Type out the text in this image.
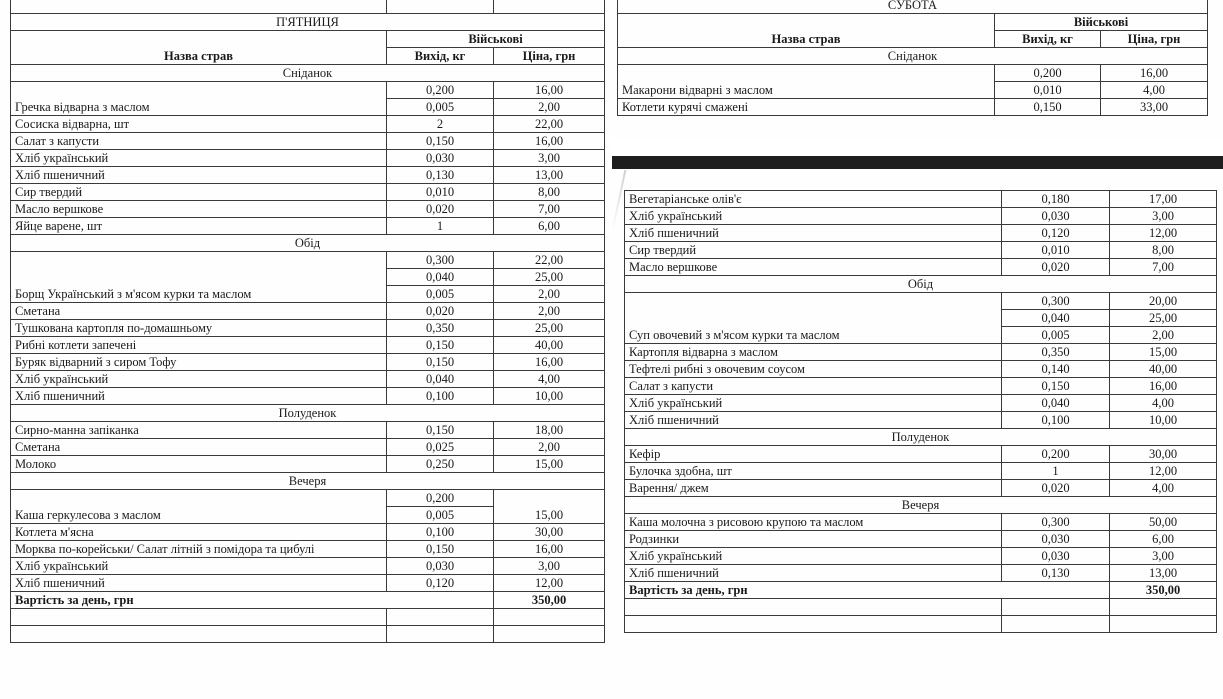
П'ЯТНИЦЯ		
Назва страв	Військові	
	Вихід, кг	Ціна, грн
Сніданок		
Гречка відварна з маслом	0,200	16,00
	0,005	2,00
Сосиска відварна, шт	2	22,00
Салат з капусти	0,150	16,00
Хліб український	0,030	3,00
Хліб пшеничний	0,130	13,00
Сир твердий	0,010	8,00
Масло вершкове	0,020	7,00
Яйце варене, шт	1	6,00
Обід		
Борщ Український з м'ясом курки та маслом	0,300	22,00
	0,040	25,00
	0,005	2,00
Сметана	0,020	2,00
Тушкована картопля по-домашньому	0,350	25,00
Рибні котлети запечені	0,150	40,00
Буряк відварний з сиром Тофу	0,150	16,00
Хліб український	0,040	4,00
Хліб пшеничний	0,100	10,00
Полуденок		
Сирно-манна запіканка	0,150	18,00
Сметана	0,025	2,00
Молоко	0,250	15,00
Вечеря		
Каша геркулесова з маслом	0,200	15,00
	0,005	
Котлета м'ясна	0,100	30,00
Морква по-корейськи/ Салат літній з помідора та цибулі	0,150	16,00
Хліб український	0,030	3,00
Хліб пшеничний	0,120	12,00
Вартість за день, грн		350,00

СУБОТА		
Назва страв	Військові	
	Вихід, кг	Ціна, грн
Сніданок		
Макарони відварні з маслом	0,200	16,00
	0,010	4,00
Котлети курячі смажені	0,150	33,00
Вегетаріанське олів'є	0,180	17,00
Хліб український	0,030	3,00
Хліб пшеничний	0,120	12,00
Сир твердий	0,010	8,00
Масло вершкове	0,020	7,00
Обід		
Суп овочевий з м'ясом курки та маслом	0,300	20,00
	0,040	25,00
	0,005	2,00
Картопля відварна з маслом	0,350	15,00
Тефтелі рибні з овочевим соусом	0,140	40,00
Салат з капусти	0,150	16,00
Хліб український	0,040	4,00
Хліб пшеничний	0,100	10,00
Полуденок		
Кефір	0,200	30,00
Булочка здобна, шт	1	12,00
Варення/ джем	0,020	4,00
Вечеря		
Каша молочна з рисовою крупою та маслом	0,300	50,00
Родзинки	0,030	6,00
Хліб український	0,030	3,00
Хліб пшеничний	0,130	13,00
Вартість за день, грн		350,00
